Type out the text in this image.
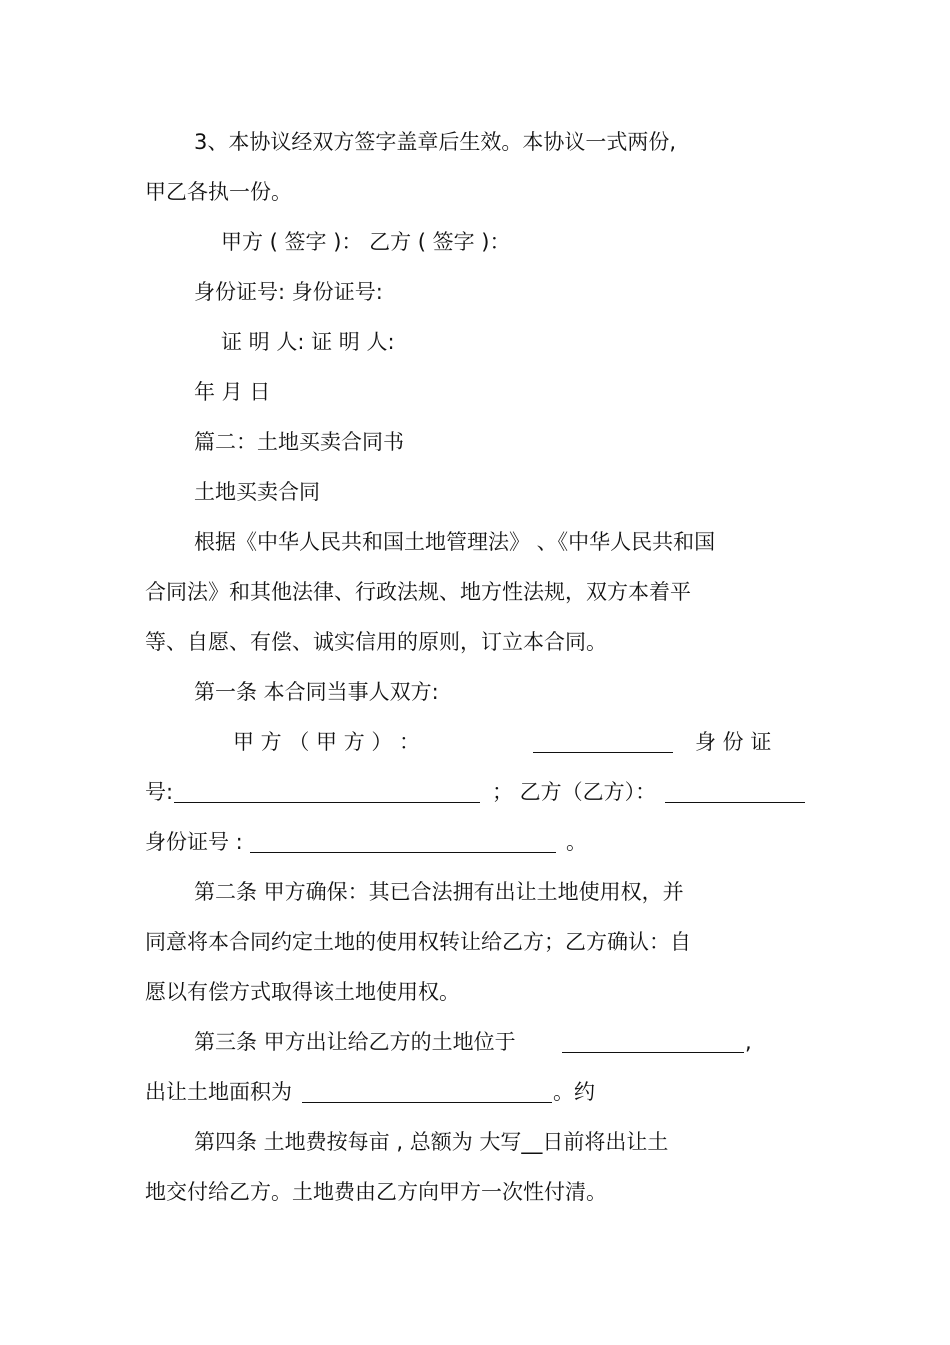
3、本协议经双方签字盖章后生效。本协议一式两份,
甲乙各执一份。
甲方 ( 签字 )： 乙方 ( 签字 )：
身份证号: 身份证号:
证 明 人: 证 明 人:
年 月 日
篇二：土地买卖合同书
土地买卖合同
根据《中华人民共和国土地管理法》 、《中华人民共和国
合同法》和其他法律、行政法规、地方性法规，双方本着平
等、自愿、有偿、诚实信用的原则，订立本合同。
第一条 本合同当事人双方:
甲 方 （ 甲 方 ） ：	身 份 证
号:	； 乙方（乙方）：
身份证号 :	。
第二条 甲方确保：其已合法拥有出让土地使用权，并
同意将本合同约定土地的使用权转让给乙方；乙方确认：自
愿以有偿方式取得该土地使用权。
第三条 甲方出让给乙方的土地位于	,
出让土地面积为	。约
第四条 土地费按每亩 , 总额为 大写__日前将出让土
地交付给乙方。土地费由乙方向甲方一次性付清。
